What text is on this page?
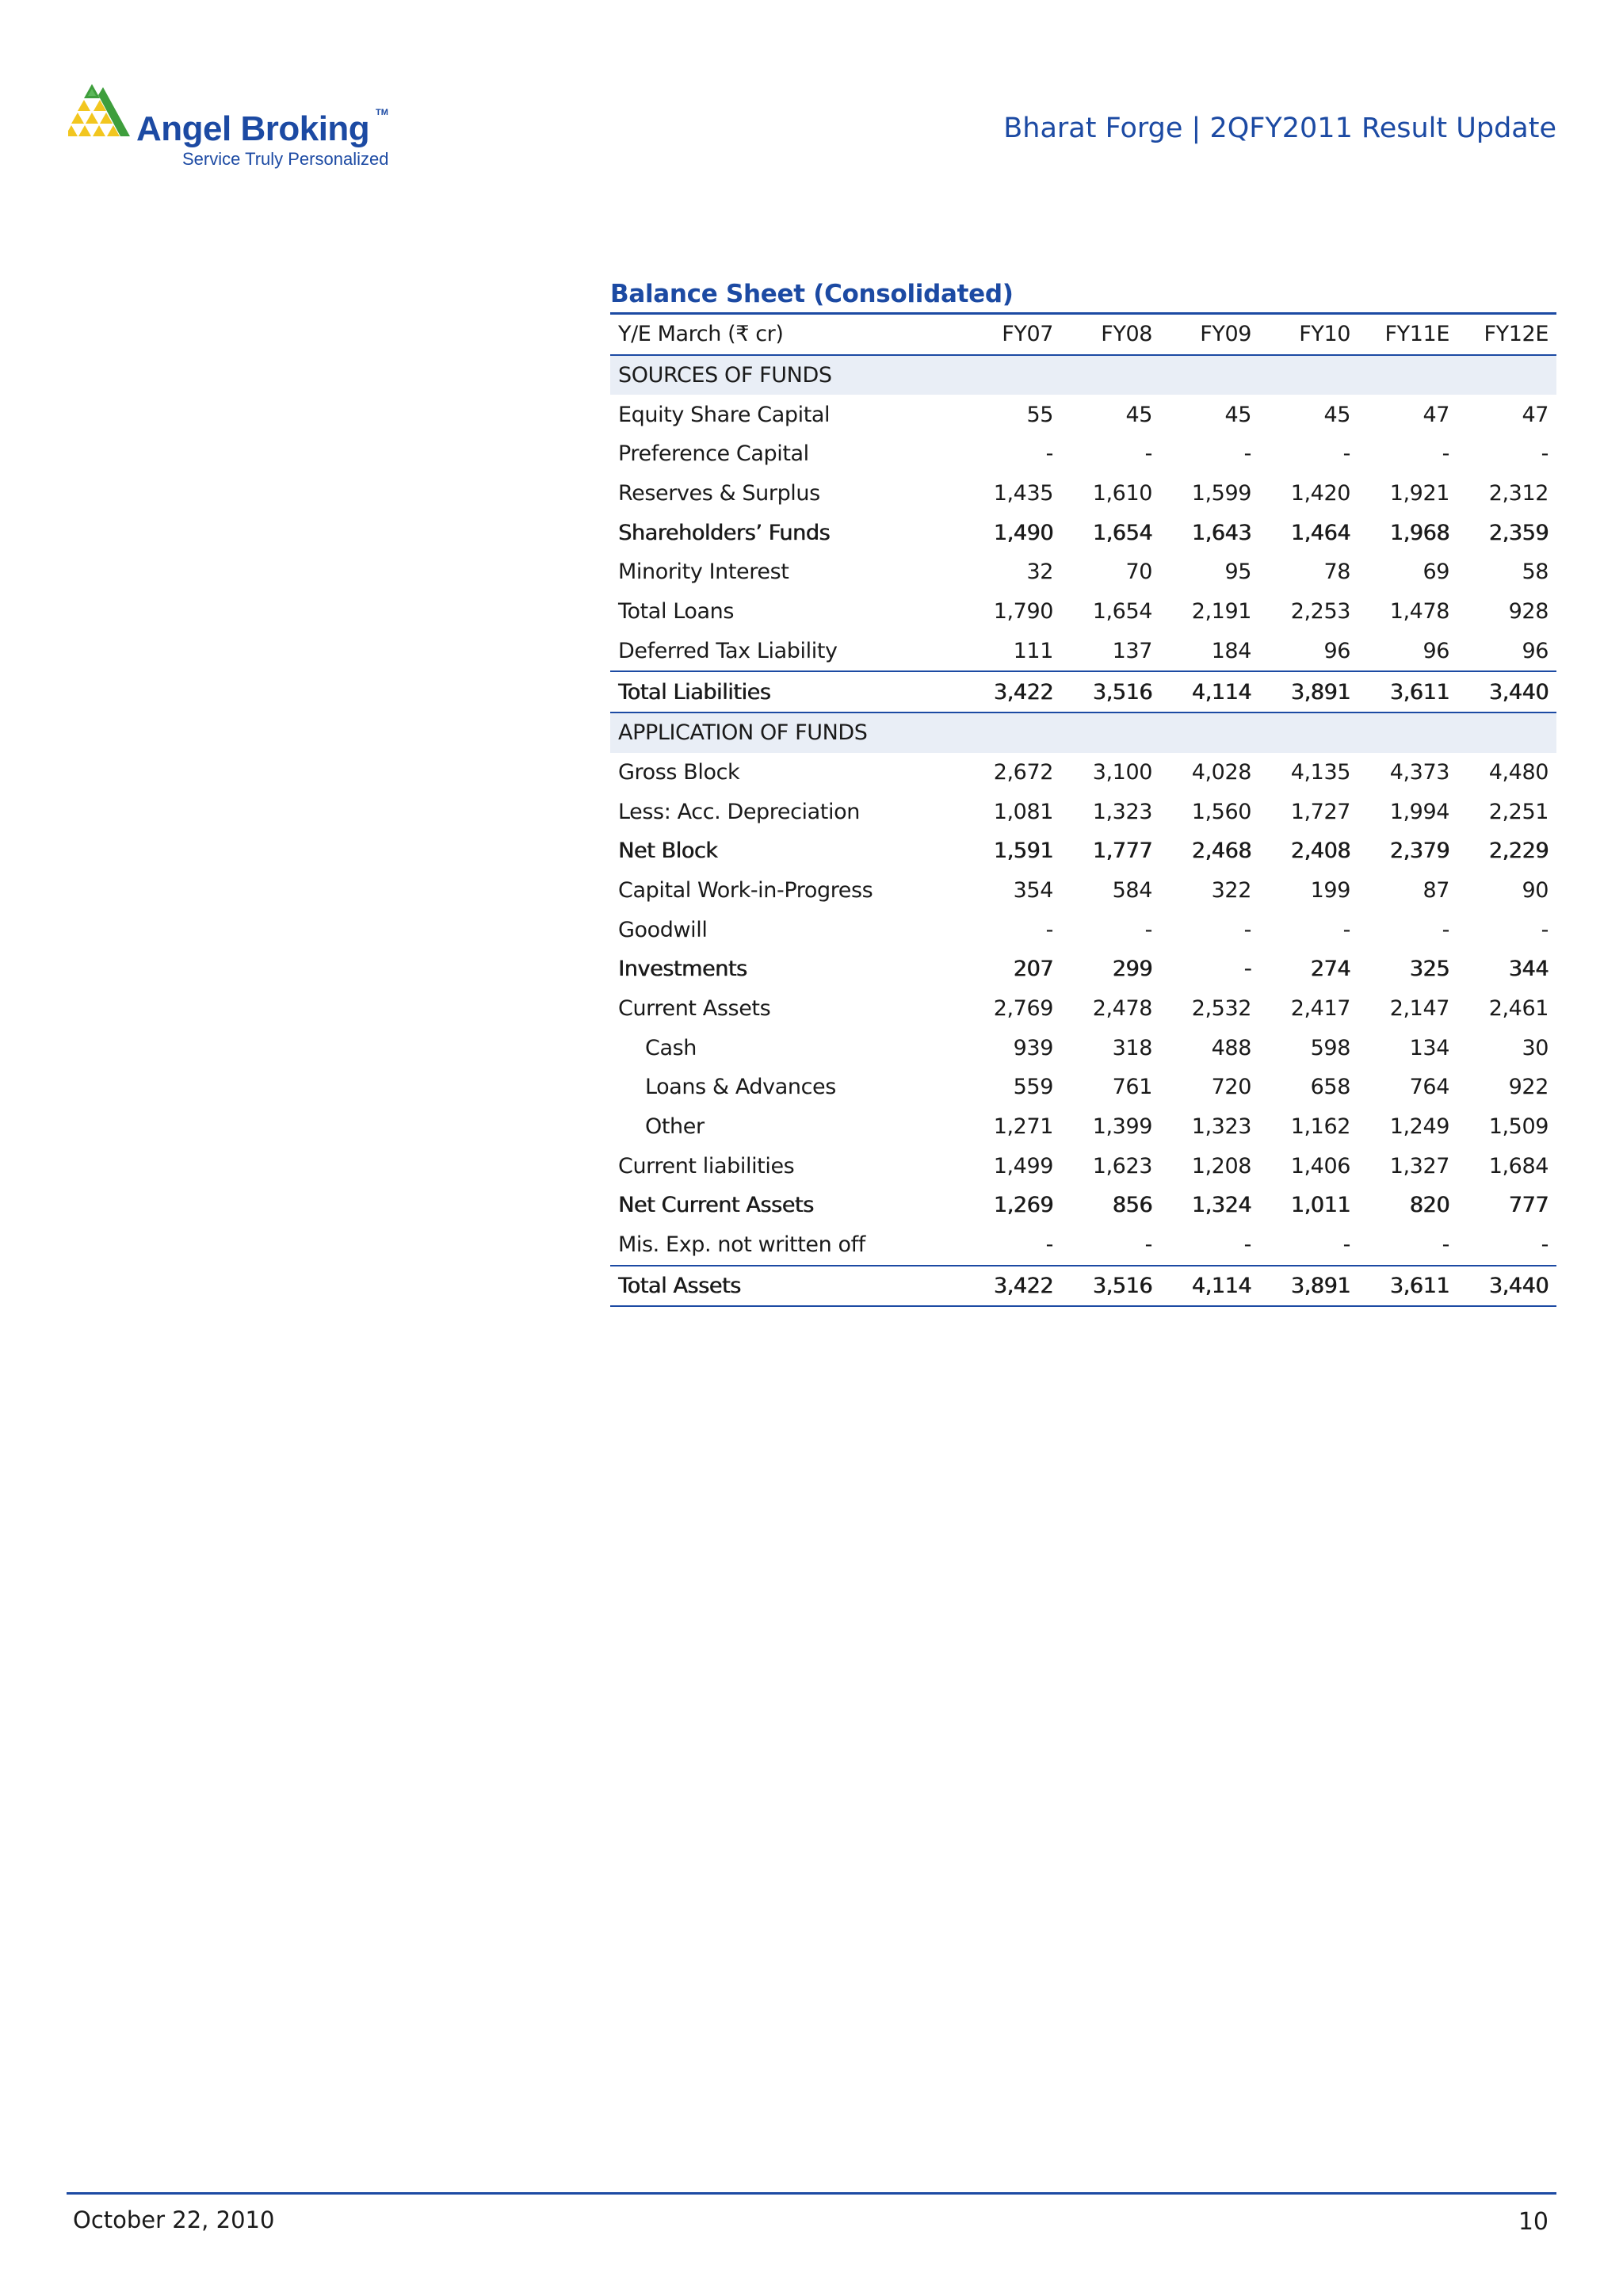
Angel Broking TM
Service Truly Personalized
Bharat Forge | 2QFY2011 Result Update
Balance Sheet (Consolidated)
Y/E March (₹ cr)	FY07	FY08	FY09	FY10	FY11E	FY12E
SOURCES OF FUNDS						
Equity Share Capital	55	45	45	45	47	47
Preference Capital	-	-	-	-	-	-
Reserves & Surplus	1,435	1,610	1,599	1,420	1,921	2,312
Shareholders’ Funds	1,490	1,654	1,643	1,464	1,968	2,359
Minority Interest	32	70	95	78	69	58
Total Loans	1,790	1,654	2,191	2,253	1,478	928
Deferred Tax Liability	111	137	184	96	96	96
Total Liabilities	3,422	3,516	4,114	3,891	3,611	3,440
APPLICATION OF FUNDS						
Gross Block	2,672	3,100	4,028	4,135	4,373	4,480
Less: Acc. Depreciation	1,081	1,323	1,560	1,727	1,994	2,251
Net Block	1,591	1,777	2,468	2,408	2,379	2,229
Capital Work-in-Progress	354	584	322	199	87	90
Goodwill	-	-	-	-	-	-
Investments	207	299	-	274	325	344
Current Assets	2,769	2,478	2,532	2,417	2,147	2,461
Cash	939	318	488	598	134	30
Loans & Advances	559	761	720	658	764	922
Other	1,271	1,399	1,323	1,162	1,249	1,509
Current liabilities	1,499	1,623	1,208	1,406	1,327	1,684
Net Current Assets	1,269	856	1,324	1,011	820	777
Mis. Exp. not written off	-	-	-	-	-	-
Total Assets	3,422	3,516	4,114	3,891	3,611	3,440
October 22, 2010	10
